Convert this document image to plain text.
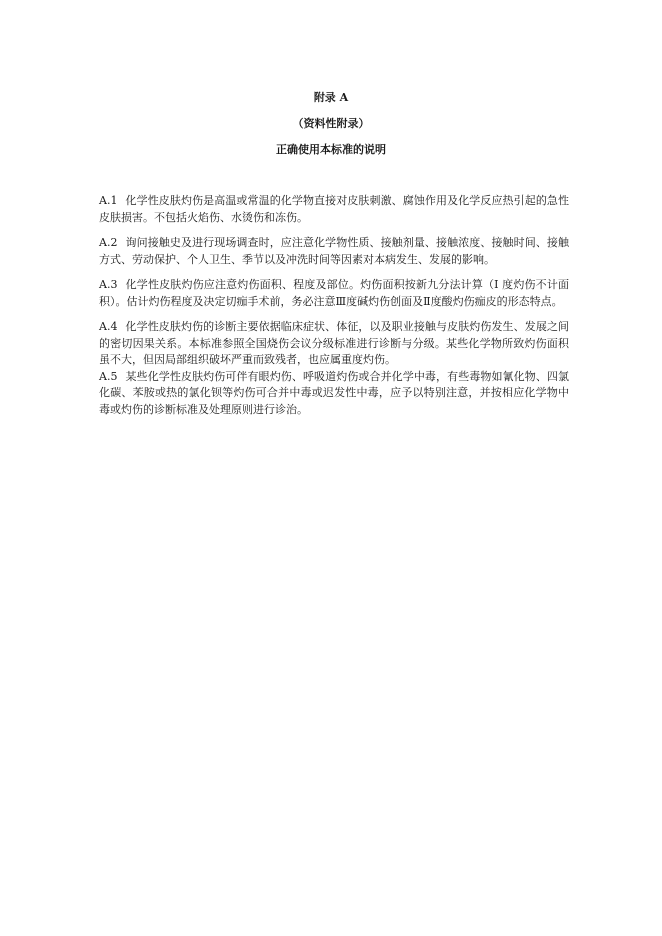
附录 A
（资料性附录）
正确使用本标准的说明

A.1 化学性皮肤灼伤是高温或常温的化学物直接对皮肤刺激、腐蚀作用及化学反应热引起的急性皮肤损害。不包括火焰伤、水烫伤和冻伤。

A.2 询问接触史及进行现场调查时，应注意化学物性质、接触剂量、接触浓度、接触时间、接触方式、劳动保护、个人卫生、季节以及冲洗时间等因素对本病发生、发展的影响。

A.3 化学性皮肤灼伤应注意灼伤面积、程度及部位。灼伤面积按新九分法计算（I 度灼伤不计面积）。估计灼伤程度及决定切痂手术前，务必注意Ⅲ度碱灼伤创面及Ⅱ度酸灼伤痂皮的形态特点。

A.4 化学性皮肤灼伤的诊断主要依据临床症状、体征，以及职业接触与皮肤灼伤发生、发展之间的密切因果关系。本标准参照全国烧伤会议分级标准进行诊断与分级。某些化学物所致灼伤面积虽不大，但因局部组织破坏严重而致残者，也应属重度灼伤。

A.5 某些化学性皮肤灼伤可伴有眼灼伤、呼吸道灼伤或合并化学中毒，有些毒物如氰化物、四氯化碳、苯胺或热的氯化钡等灼伤可合并中毒或迟发性中毒，应予以特别注意，并按相应化学物中毒或灼伤的诊断标准及处理原则进行诊治。
